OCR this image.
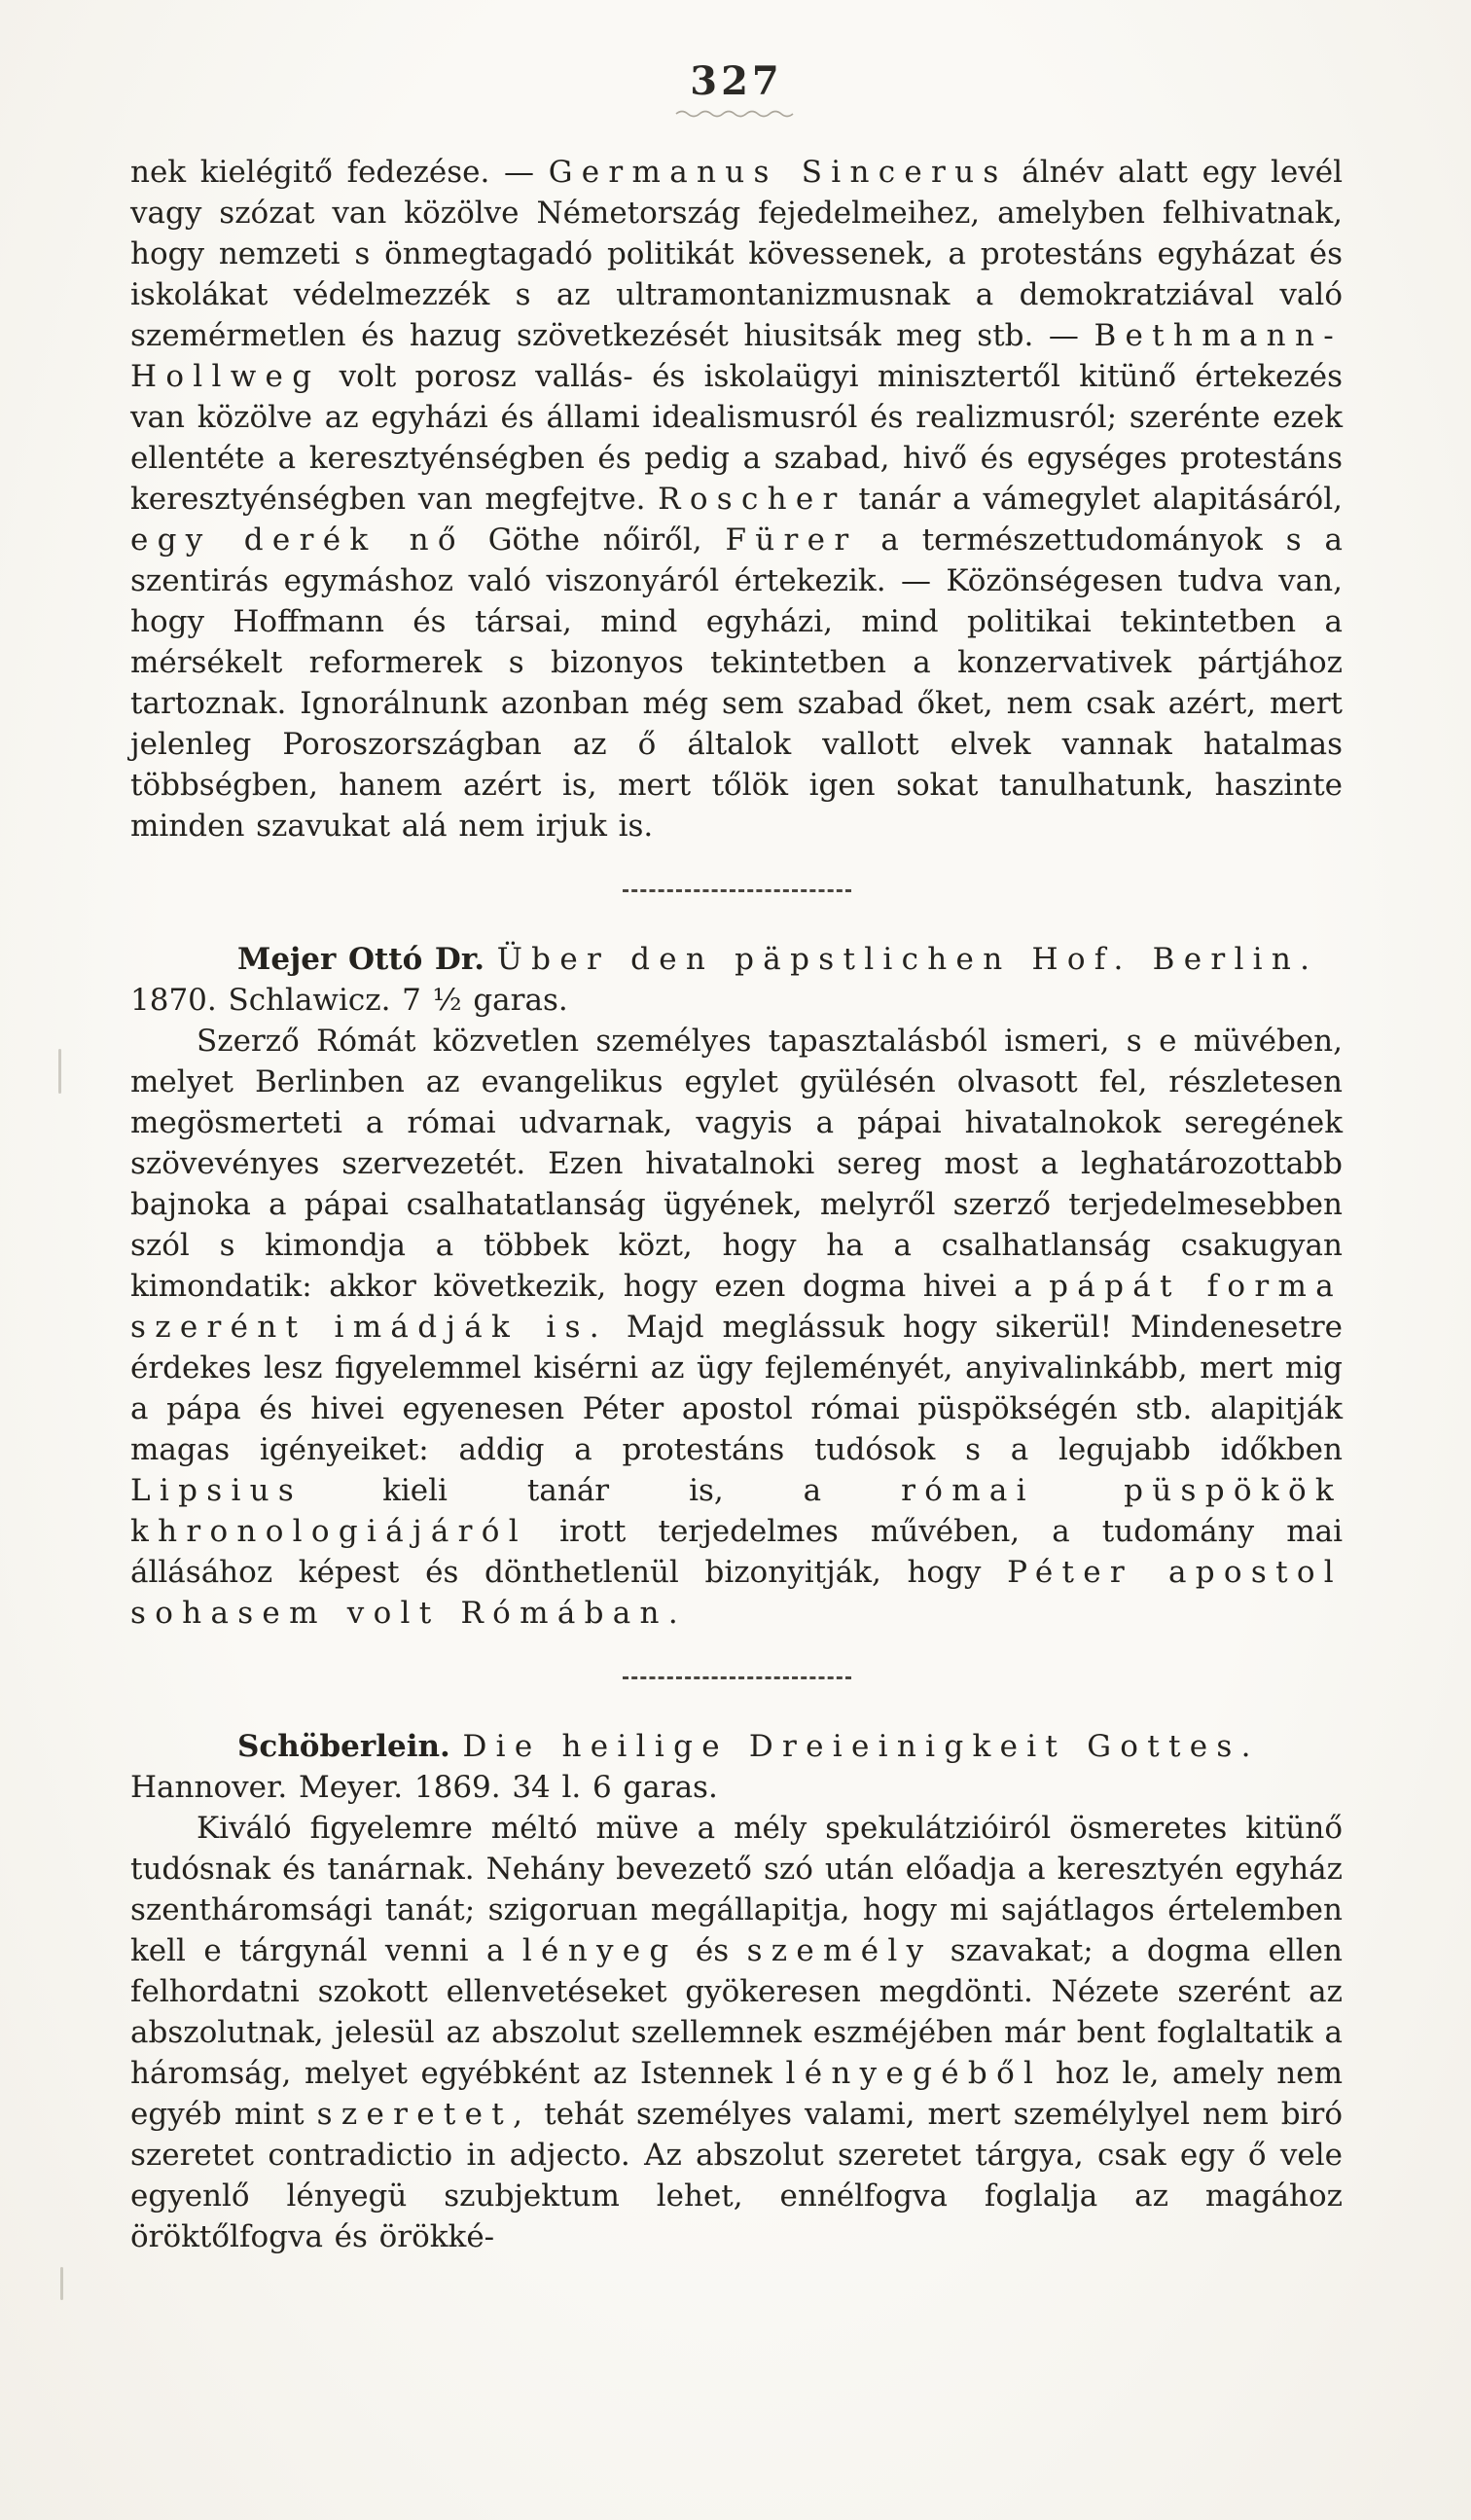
327

nek kielégitő fedezése. — Germanus Sincerus álnév alatt egy levél vagy szózat van közölve Németország fejedelmeihez, amelyben felhivatnak, hogy nemzeti s önmegtagadó politikát kövessenek, a protestáns egyházat és iskolákat védelmezzék s az ultramontanizmusnak a demokratziával való szemérmetlen és hazug szövetkezését hiusitsák meg stb. — Bethmann-Hollweg volt porosz vallás- és iskolaügyi minisztertől kitünő értekezés van közölve az egyházi és állami idealismusról és realizmusról; szerénte ezek ellentéte a keresztyénségben és pedig a szabad, hivő és egységes protestáns keresztyénségben van megfejtve. Roscher tanár a vámegylet alapitásáról, egy derék nő Göthe nőiről, Fürer a természettudományok s a szentirás egymáshoz való viszonyáról értekezik. — Közönségesen tudva van, hogy Hoffmann és társai, mind egyházi, mind politikai tekintetben a mérsékelt reformerek s bizonyos tekintetben a konzervativek pártjához tartoznak. Ignorálnunk azonban még sem szabad őket, nem csak azért, mert jelenleg Poroszországban az ő általok vallott elvek vannak hatalmas többségben, hanem azért is, mert tőlök igen sokat tanulhatunk, haszinte minden szavukat alá nem irjuk is.

Mejer Ottó Dr. Über den päpstlichen Hof. Berlin.
1870. Schlawicz. 7 ½ garas.

Szerző Rómát közvetlen személyes tapasztalásból ismeri, s e müvében, melyet Berlinben az evangelikus egylet gyülésén olvasott fel, részletesen megösmerteti a római udvarnak, vagyis a pápai hivatalnokok seregének szövevényes szervezetét. Ezen hivatalnoki sereg most a leghatározottabb bajnoka a pápai csalhatatlanság ügyének, melyről szerző terjedelmesebben szól s kimondja a többek közt, hogy ha a csalhatlanság csakugyan kimondatik: akkor következik, hogy ezen dogma hivei a pápát forma szerént imádják is. Majd meglássuk hogy sikerül! Mindenesetre érdekes lesz figyelemmel kisérni az ügy fejleményét, anyivalinkább, mert mig a pápa és hivei egyenesen Péter apostol római püspökségén stb. alapitják magas igényeiket: addig a protestáns tudósok s a legujabb időkben Lipsius kieli tanár is, a római püspökök khronologiájáról irott terjedelmes művében, a tudomány mai állásához képest és dönthetlenül bizonyitják, hogy Péter apostol sohasem volt Rómában.

Schöberlein. Die heilige Dreieinigkeit Gottes.
Hannover. Meyer. 1869. 34 l. 6 garas.

Kiváló figyelemre méltó müve a mély spekulátzióiról ösmeretes kitünő tudósnak és tanárnak. Nehány bevezető szó után előadja a keresztyén egyház szentháromsági tanát; szigoruan megállapitja, hogy mi sajátlagos értelemben kell e tárgynál venni a lényeg és személy szavakat; a dogma ellen felhordatni szokott ellenvetéseket gyökeresen megdönti. Nézete szerént az abszolutnak, jelesül az abszolut szellemnek eszméjében már bent foglaltatik a háromság, melyet egyébként az Istennek lényegéből hoz le, amely nem egyéb mint szeretet, tehát személyes valami, mert személylyel nem biró szeretet contradictio in adjecto. Az abszolut szeretet tárgya, csak egy ő vele egyenlő lényegü szubjektum lehet, ennélfogva foglalja az magához öröktőlfogva és örökké-
